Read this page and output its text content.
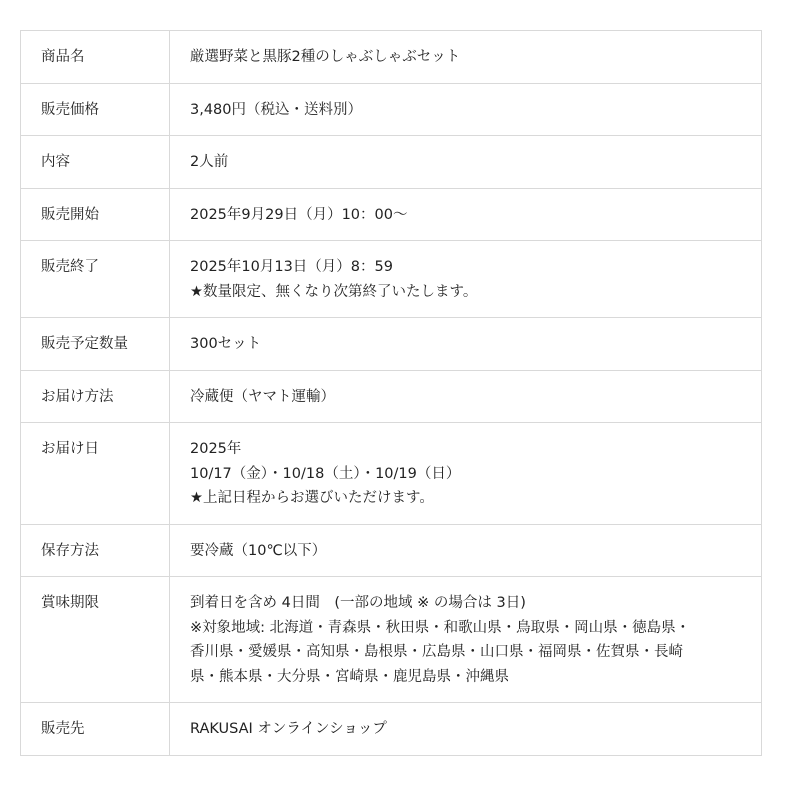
商品名	厳選野菜と黒豚2種のしゃぶしゃぶセット

販売価格	3,480円（税込・送料別）

内容	2人前

販売開始	2025年9月29日（月）10：00〜

販売終了	2025年10月13日（月）8：59
★数量限定、無くなり次第終了いたします。

販売予定数量	300セット

お届け方法	冷蔵便（ヤマト運輸）

お届け日	2025年
10/17（金）・10/18（土）・10/19（日）
★上記日程からお選びいただけます。

保存方法	要冷蔵（10℃以下）

賞味期限	到着日を含め 4日間　(一部の地域 ※ の場合は 3日)
※対象地域: 北海道・青森県・秋田県・和歌山県・鳥取県・岡山県・徳島県・
香川県・愛媛県・高知県・島根県・広島県・山口県・福岡県・佐賀県・長崎
県・熊本県・大分県・宮崎県・鹿児島県・沖縄県

販売先	RAKUSAI オンラインショップ
